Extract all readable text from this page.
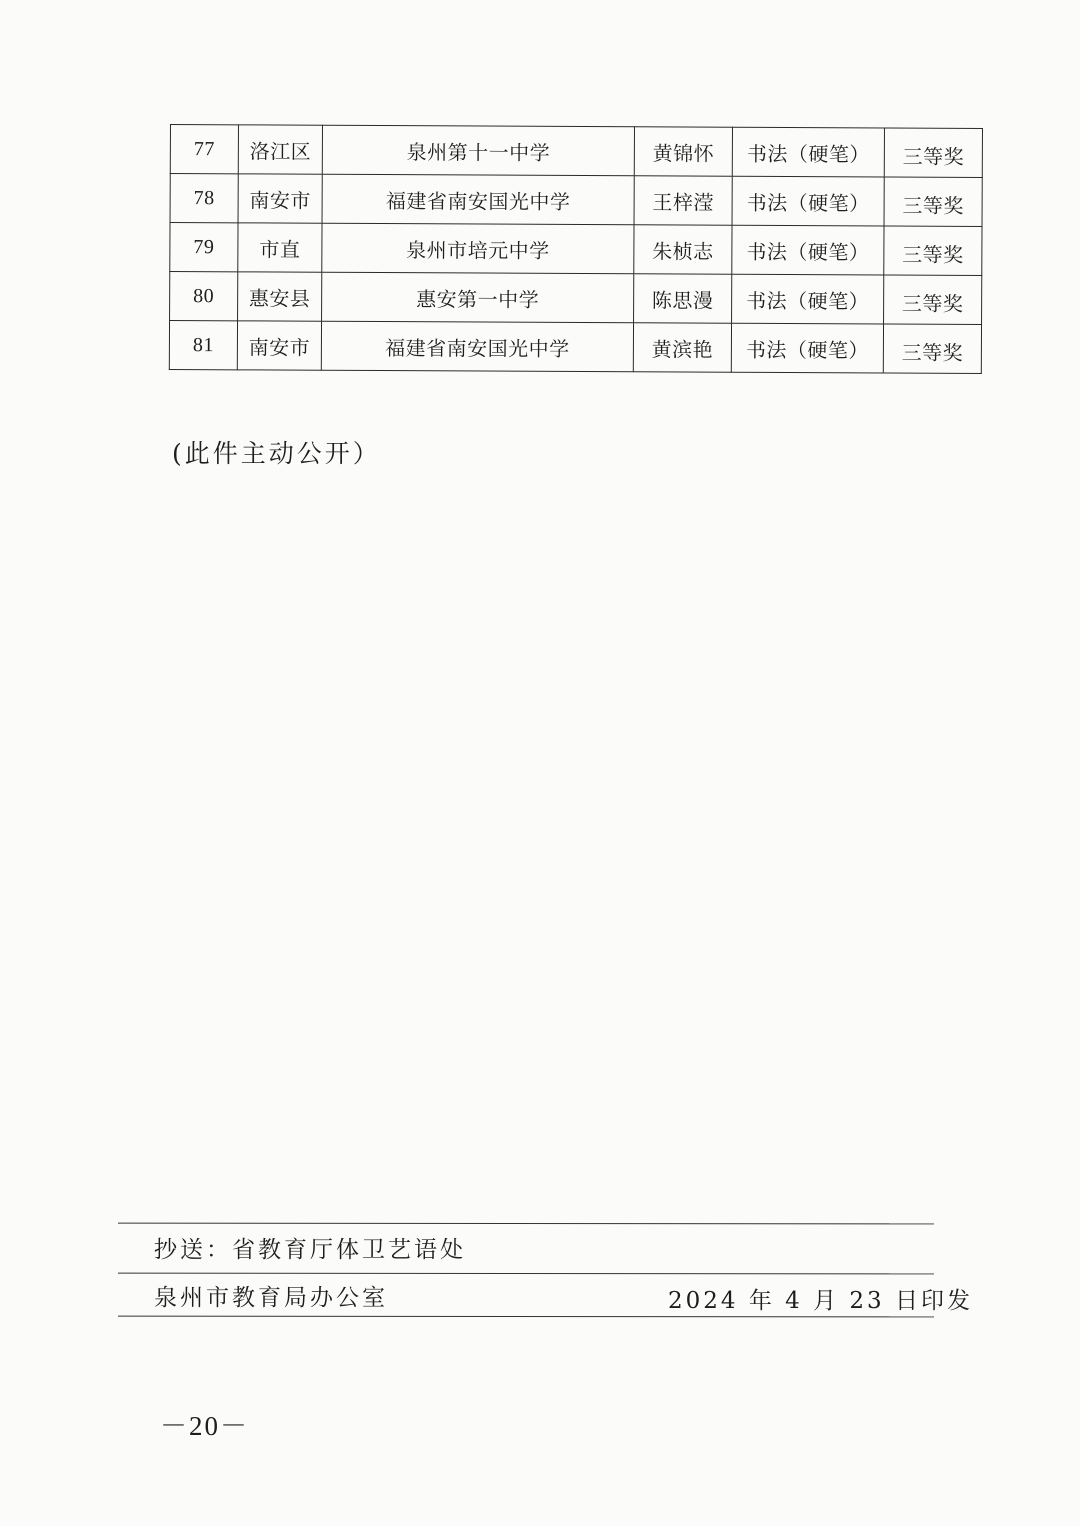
77	洛江区	泉州第十一中学	黄锦怀	书法（硬笔）	三等奖
78	南安市	福建省南安国光中学	王梓滢	书法（硬笔）	三等奖
79	市直	泉州市培元中学	朱桢志	书法（硬笔）	三等奖
80	惠安县	惠安第一中学	陈思漫	书法（硬笔）	三等奖
81	南安市	福建省南安国光中学	黄滨艳	书法（硬笔）	三等奖
(此件主动公开）
抄送：省教育厅体卫艺语处
泉州市教育局办公室	2024 年 4 月 23 日印发
－20－
